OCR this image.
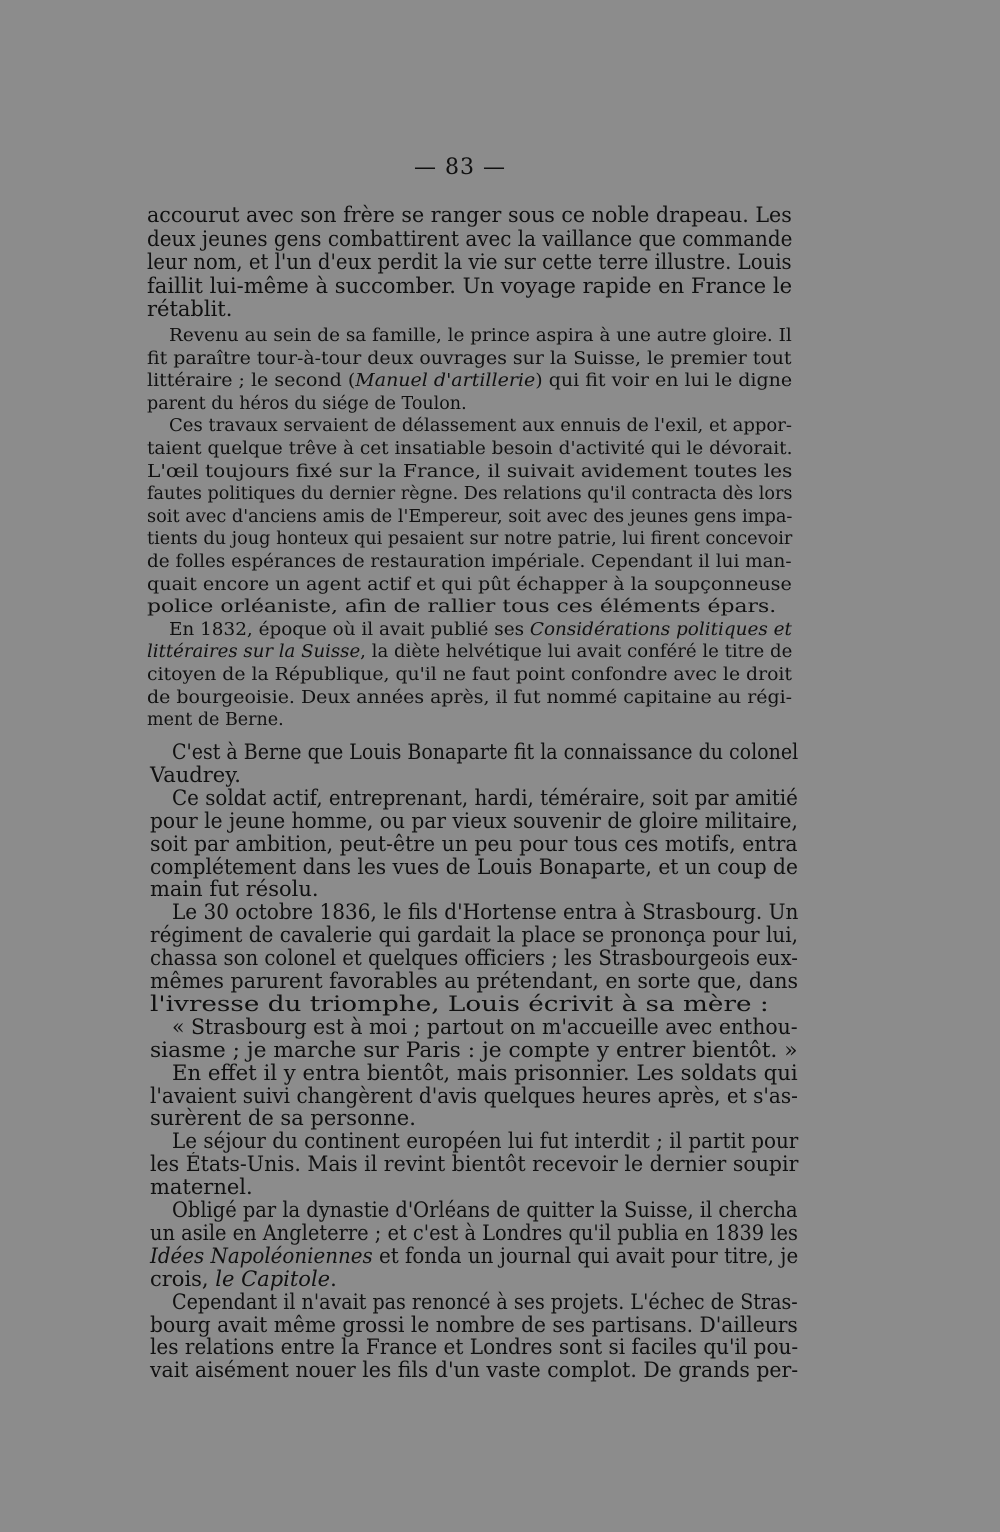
— 83 —
accourut avec son frère se ranger sous ce noble drapeau. Les
deux jeunes gens combattirent avec la vaillance que commande
leur nom, et l'un d'eux perdit la vie sur cette terre illustre. Louis
faillit lui-même à succomber. Un voyage rapide en France le
rétablit.
Revenu au sein de sa famille, le prince aspira à une autre gloire. Il
fit paraître tour-à-tour deux ouvrages sur la Suisse, le premier tout
littéraire ; le second (Manuel d'artillerie) qui fit voir en lui le digne
parent du héros du siége de Toulon.
Ces travaux servaient de délassement aux ennuis de l'exil, et appor-
taient quelque trêve à cet insatiable besoin d'activité qui le dévorait.
L'œil toujours fixé sur la France, il suivait avidement toutes les
fautes politiques du dernier règne. Des relations qu'il contracta dès lors
soit avec d'anciens amis de l'Empereur, soit avec des jeunes gens impa-
tients du joug honteux qui pesaient sur notre patrie, lui firent concevoir
de folles espérances de restauration impériale. Cependant il lui man-
quait encore un agent actif et qui pût échapper à la soupçonneuse
police orléaniste, afin de rallier tous ces éléments épars.
En 1832, époque où il avait publié ses Considérations politiques et
littéraires sur la Suisse, la diète helvétique lui avait conféré le titre de
citoyen de la République, qu'il ne faut point confondre avec le droit
de bourgeoisie. Deux années après, il fut nommé capitaine au régi-
ment de Berne.
C'est à Berne que Louis Bonaparte fit la connaissance du colonel
Vaudrey.
Ce soldat actif, entreprenant, hardi, téméraire, soit par amitié
pour le jeune homme, ou par vieux souvenir de gloire militaire,
soit par ambition, peut-être un peu pour tous ces motifs, entra
complétement dans les vues de Louis Bonaparte, et un coup de
main fut résolu.
Le 30 octobre 1836, le fils d'Hortense entra à Strasbourg. Un
régiment de cavalerie qui gardait la place se prononça pour lui,
chassa son colonel et quelques officiers ; les Strasbourgeois eux-
mêmes parurent favorables au prétendant, en sorte que, dans
l'ivresse du triomphe, Louis écrivit à sa mère :
« Strasbourg est à moi ; partout on m'accueille avec enthou-
siasme ; je marche sur Paris : je compte y entrer bientôt. »
En effet il y entra bientôt, mais prisonnier. Les soldats qui
l'avaient suivi changèrent d'avis quelques heures après, et s'as-
surèrent de sa personne.
Le séjour du continent européen lui fut interdit ; il partit pour
les États-Unis. Mais il revint bientôt recevoir le dernier soupir
maternel.
Obligé par la dynastie d'Orléans de quitter la Suisse, il chercha
un asile en Angleterre ; et c'est à Londres qu'il publia en 1839 les
Idées Napoléoniennes et fonda un journal qui avait pour titre, je
crois, le Capitole.
Cependant il n'avait pas renoncé à ses projets. L'échec de Stras-
bourg avait même grossi le nombre de ses partisans. D'ailleurs
les relations entre la France et Londres sont si faciles qu'il pou-
vait aisément nouer les fils d'un vaste complot. De grands per-
